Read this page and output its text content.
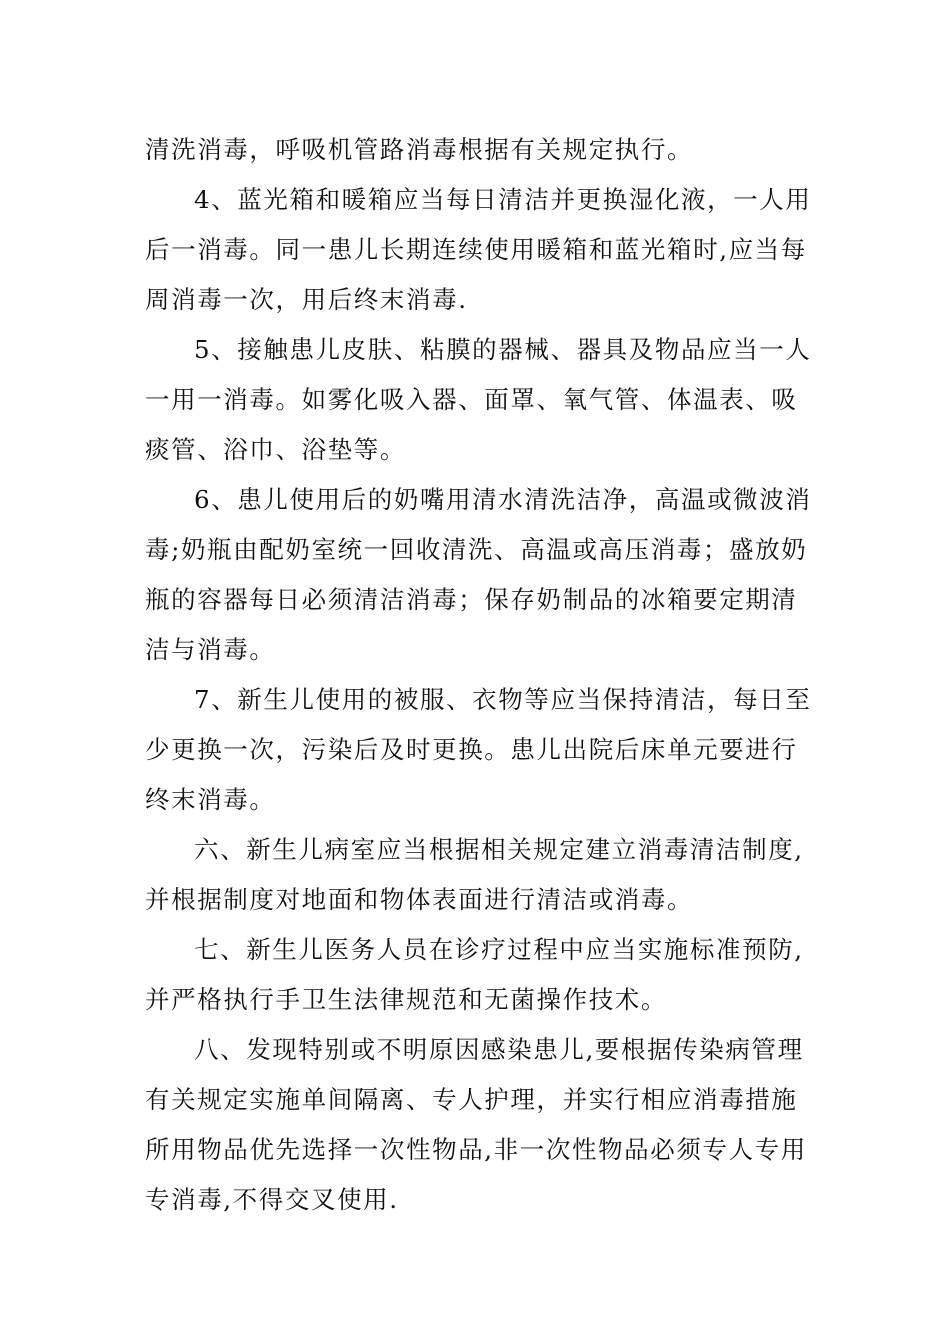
清洗消毒，呼吸机管路消毒根据有关规定执行。
4、蓝光箱和暖箱应当每日清洁并更换湿化液，一人用
后一消毒。同一患儿长期连续使用暖箱和蓝光箱时,应当每
周消毒一次，用后终末消毒.
5、接触患儿皮肤、粘膜的器械、器具及物品应当一人
一用一消毒。如雾化吸入器、面罩、氧气管、体温表、吸
痰管、浴巾、浴垫等。
6、患儿使用后的奶嘴用清水清洗洁净，高温或微波消
毒;奶瓶由配奶室统一回收清洗、高温或高压消毒；盛放奶
瓶的容器每日必须清洁消毒；保存奶制品的冰箱要定期清
洁与消毒。
7、新生儿使用的被服、衣物等应当保持清洁，每日至
少更换一次，污染后及时更换。患儿出院后床单元要进行
终末消毒。
六、新生儿病室应当根据相关规定建立消毒清洁制度,
并根据制度对地面和物体表面进行清洁或消毒。
七、新生儿医务人员在诊疗过程中应当实施标准预防,
并严格执行手卫生法律规范和无菌操作技术。
八、发现特别或不明原因感染患儿,要根据传染病管理
有关规定实施单间隔离、专人护理，并实行相应消毒措施
所用物品优先选择一次性物品,非一次性物品必须专人专用
专消毒,不得交叉使用.
